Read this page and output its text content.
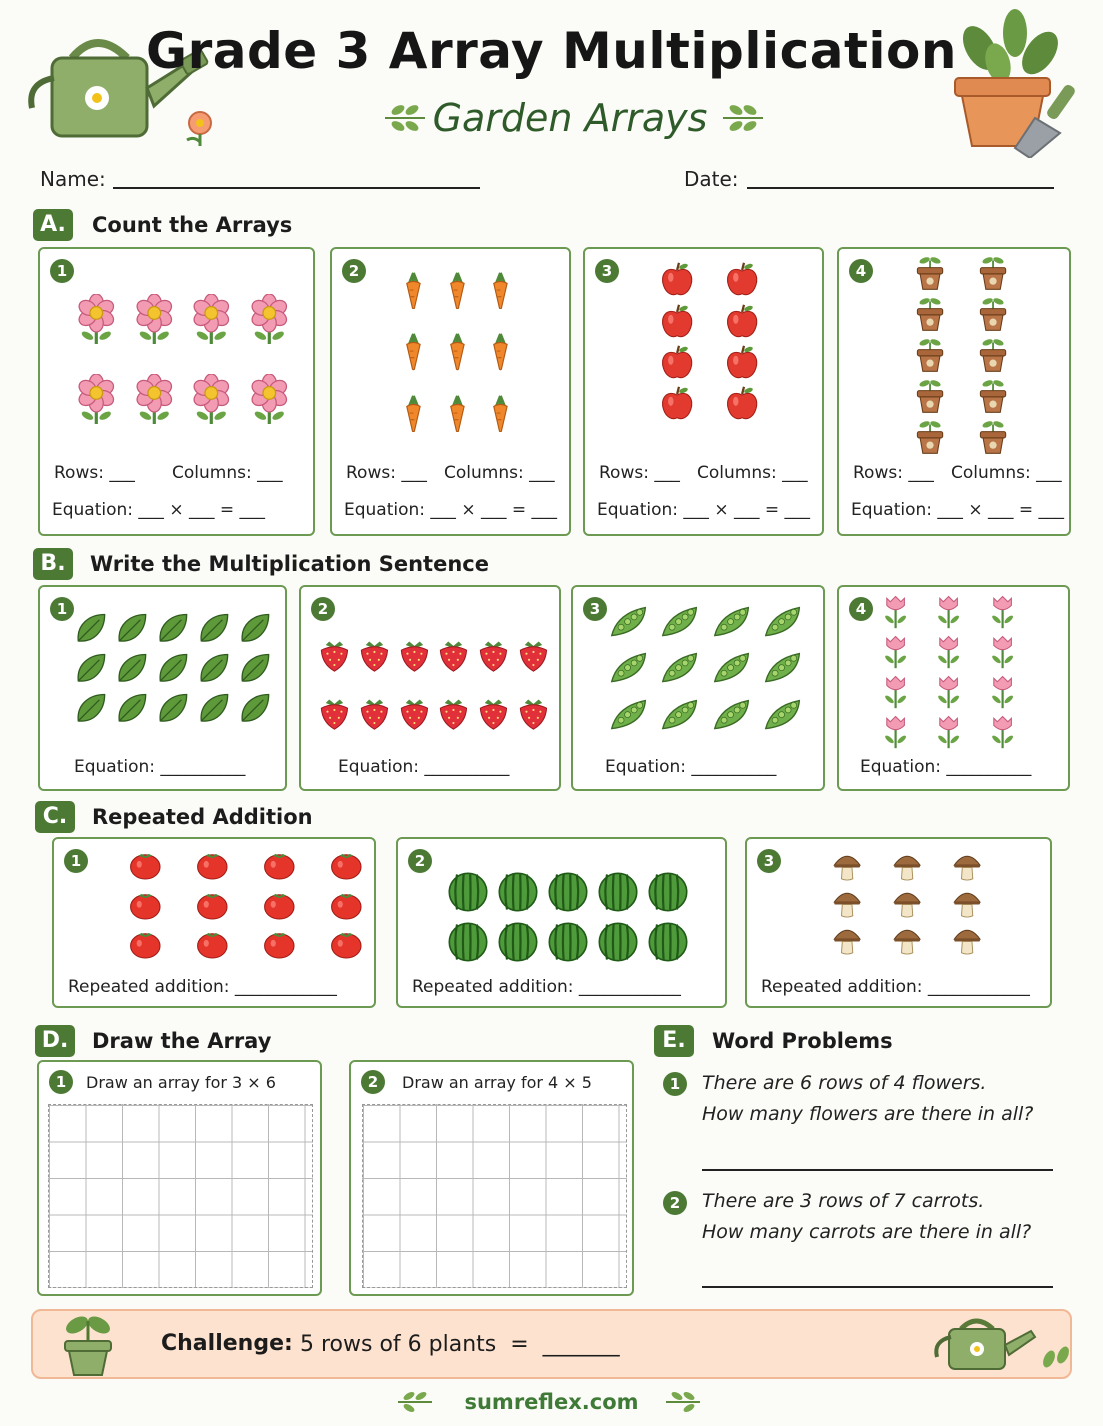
Grade 3 Array Multiplication
Garden Arrays
Name:	Date:
A.	Count the Arrays
1
Rows: ___ Columns: ___
Equation: ___ × ___ = ___
2
Rows: ___ Columns: ___
Equation: ___ × ___ = ___
3
Rows: ___ Columns: ___
Equation: ___ × ___ = ___
4
Rows: ___ Columns: ___
Equation: ___ × ___ = ___
1
Equation: __________
2
Equation: __________
3
Equation: __________
4
Equation: __________
1
Repeated addition: ____________
2
Repeated addition: ____________
3
Repeated addition: ____________
B.	Write the Multiplication Sentence
C.	Repeated Addition
D.	Draw the Array
1	Draw an array for 3 × 6	2	Draw an array for 4 × 5
E.	Word Problems
1	There are 6 rows of 4 flowers.
How many flowers are there in all?
2	There are 3 rows of 7 carrots.
How many carrots are there in all?
Challenge: 5 rows of 6 plants  =  _______
sumreflex.com
